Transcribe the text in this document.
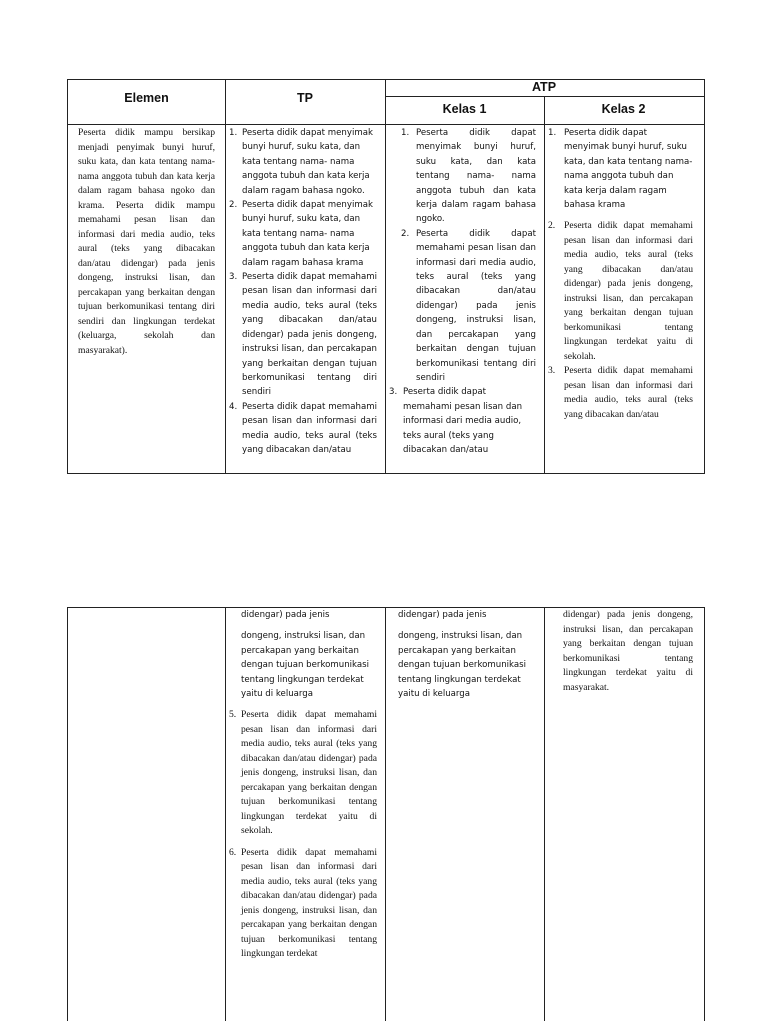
Elemen	TP
ATP
Kelas 1	Kelas 2

Peserta didik mampu bersikap menjadi penyimak bunyi huruf, suku kata, dan kata tentang nama- nama anggota tubuh dan kata kerja dalam ragam bahasa ngoko dan krama. Peserta didik mampu memahami pesan lisan dan informasi dari media audio, teks aural (teks yang dibacakan dan/atau didengar) pada jenis dongeng, instruksi lisan, dan percakapan yang berkaitan dengan tujuan berkomunikasi tentang diri sendiri dan lingkungan terdekat (keluarga, sekolah dan masyarakat).

1. Peserta didik dapat menyimak bunyi huruf, suku kata, dan kata tentang nama- nama anggota tubuh dan kata kerja dalam ragam bahasa ngoko.
2. Peserta didik dapat menyimak bunyi huruf, suku kata, dan kata tentang nama- nama anggota tubuh dan kata kerja dalam ragam bahasa krama
3. Peserta didik dapat memahami pesan lisan dan informasi dari media audio, teks aural (teks yang dibacakan dan/atau didengar) pada jenis dongeng, instruksi lisan, dan percakapan yang berkaitan dengan tujuan berkomunikasi tentang diri sendiri
4. Peserta didik dapat memahami pesan lisan dan informasi dari media audio, teks aural (teks yang dibacakan dan/atau
1. Peserta didik dapat menyimak bunyi huruf, suku kata, dan kata tentang nama- nama anggota tubuh dan kata kerja dalam ragam bahasa ngoko.
2. Peserta didik dapat memahami pesan lisan dan informasi dari media audio, teks aural (teks yang dibacakan dan/atau didengar) pada jenis dongeng, instruksi lisan, dan percakapan yang berkaitan dengan tujuan berkomunikasi tentang diri sendiri
3. Peserta didik dapat memahami pesan lisan dan informasi dari media audio, teks aural (teks yang dibacakan dan/atau
1. Peserta didik dapat menyimak bunyi huruf, suku kata, dan kata tentang nama- nama anggota tubuh dan kata kerja dalam ragam bahasa krama
2. Peserta didik dapat memahami pesan lisan dan informasi dari media audio, teks aural (teks yang dibacakan dan/atau didengar) pada jenis dongeng, instruksi lisan, dan percakapan yang berkaitan dengan tujuan berkomunikasi tentang lingkungan terdekat yaitu di sekolah.
3. Peserta didik dapat memahami pesan lisan dan informasi dari media audio, teks aural (teks yang dibacakan dan/atau
didengar) pada jenis
dongeng, instruksi lisan, dan percakapan yang berkaitan dengan tujuan berkomunikasi tentang lingkungan terdekat yaitu di keluarga
5. Peserta didik dapat memahami pesan lisan dan informasi dari media audio, teks aural (teks yang dibacakan dan/atau didengar) pada jenis dongeng, instruksi lisan, dan percakapan yang berkaitan dengan tujuan berkomunikasi tentang lingkungan terdekat yaitu di sekolah.
6. Peserta didik dapat memahami pesan lisan dan informasi dari media audio, teks aural (teks yang dibacakan dan/atau didengar) pada jenis dongeng, instruksi lisan, dan percakapan yang berkaitan dengan tujuan berkomunikasi tentang lingkungan terdekat
didengar) pada jenis
dongeng, instruksi lisan, dan percakapan yang berkaitan dengan tujuan berkomunikasi tentang lingkungan terdekat yaitu di keluarga
didengar) pada jenis dongeng, instruksi lisan, dan percakapan yang berkaitan dengan tujuan berkomunikasi tentang lingkungan terdekat yaitu di masyarakat.
